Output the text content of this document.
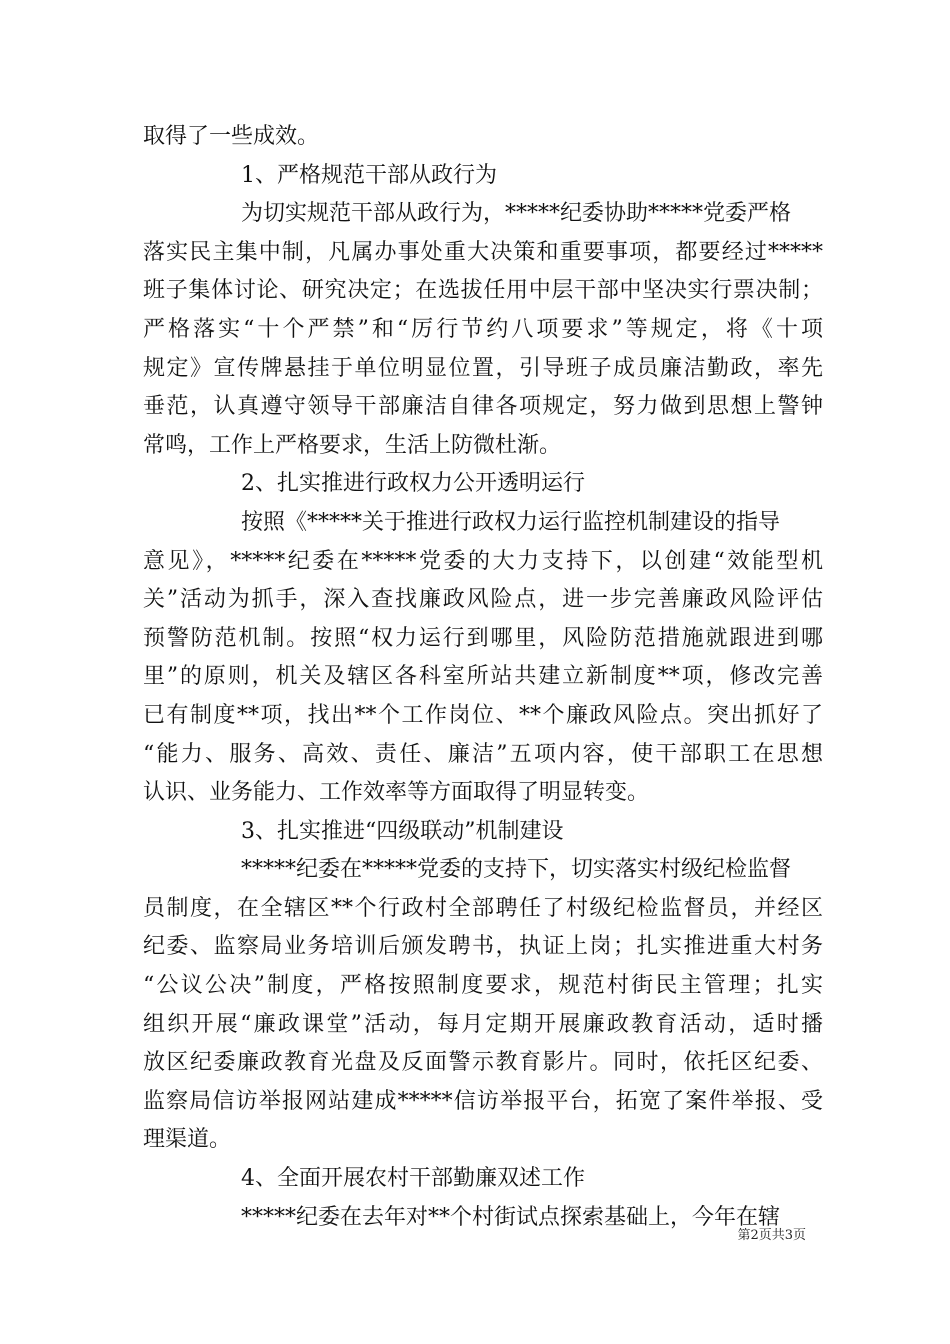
取得了一些成效。
1、严格规范干部从政行为
为切实规范干部从政行为，*****纪委协助*****党委严格
落实民主集中制，凡属办事处重大决策和重要事项，都要经过*****
班子集体讨论、研究决定；在选拔任用中层干部中坚决实行票决制；
严格落实“十个严禁”和“厉行节约八项要求”等规定，将《十项
规定》宣传牌悬挂于单位明显位置，引导班子成员廉洁勤政，率先
垂范，认真遵守领导干部廉洁自律各项规定，努力做到思想上警钟
常鸣，工作上严格要求，生活上防微杜渐。
2、扎实推进行政权力公开透明运行
按照《*****关于推进行政权力运行监控机制建设的指导
意见》，*****纪委在*****党委的大力支持下，以创建“效能型机
关”活动为抓手，深入查找廉政风险点，进一步完善廉政风险评估
预警防范机制。按照“权力运行到哪里，风险防范措施就跟进到哪
里”的原则，机关及辖区各科室所站共建立新制度**项，修改完善
已有制度**项，找出**个工作岗位、**个廉政风险点。突出抓好了
“能力、服务、高效、责任、廉洁”五项内容，使干部职工在思想
认识、业务能力、工作效率等方面取得了明显转变。
3、扎实推进“四级联动”机制建设
*****纪委在*****党委的支持下，切实落实村级纪检监督
员制度，在全辖区**个行政村全部聘任了村级纪检监督员，并经区
纪委、监察局业务培训后颁发聘书，执证上岗；扎实推进重大村务
“公议公决”制度，严格按照制度要求，规范村街民主管理；扎实
组织开展“廉政课堂”活动，每月定期开展廉政教育活动，适时播
放区纪委廉政教育光盘及反面警示教育影片。同时，依托区纪委、
监察局信访举报网站建成*****信访举报平台，拓宽了案件举报、受
理渠道。
4、全面开展农村干部勤廉双述工作
*****纪委在去年对**个村街试点探索基础上，今年在辖
第2页共3页
